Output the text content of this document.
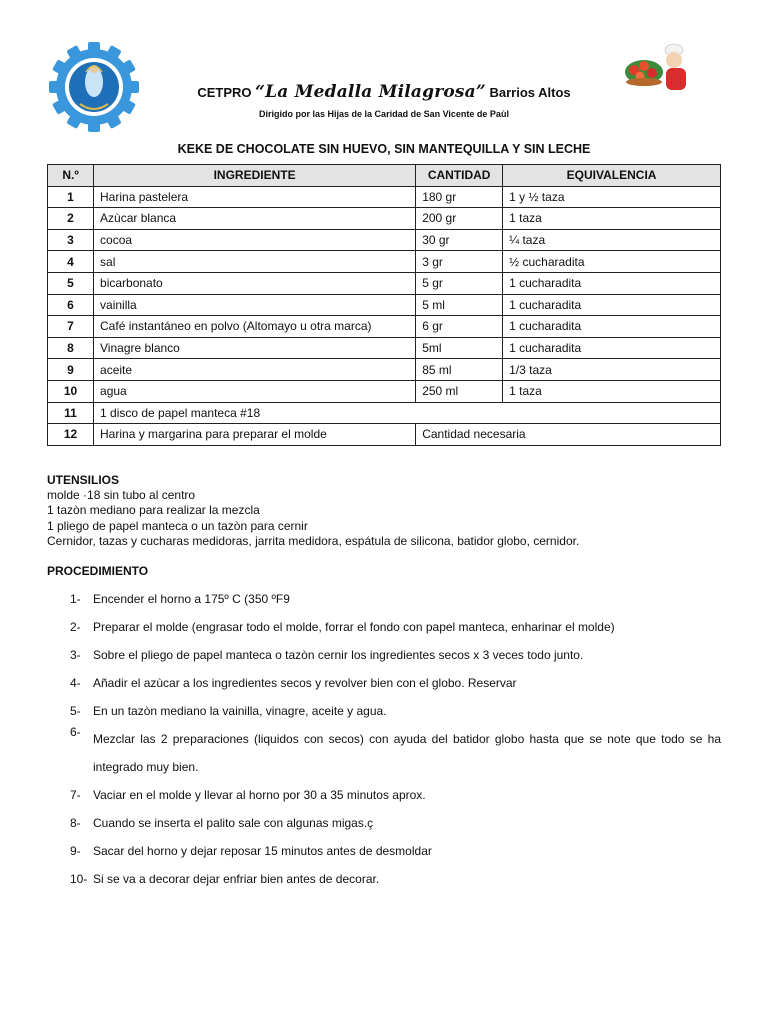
CETPRO “La Medalla Milagrosa” Barrios Altos
Dirigido por las Hijas de la Caridad de San Vicente de Paùl
KEKE DE CHOCOLATE SIN HUEVO, SIN MANTEQUILLA Y SIN LECHE
N.º	INGREDIENTE	CANTIDAD	EQUIVALENCIA
1	Harina pastelera	180 gr	1 y ½ taza
2	Azùcar blanca	200 gr	1 taza
3	cocoa	30 gr	¼ taza
4	sal	3 gr	½ cucharadita
5	bicarbonato	5 gr	1 cucharadita
6	vainilla	5 ml	1 cucharadita
7	Café instantáneo en polvo (Altomayo u otra marca)	6 gr	1 cucharadita
8	Vinagre blanco	5ml	1 cucharadita
9	aceite	85 ml	1/3 taza
10	agua	250 ml	1 taza
11	1 disco de papel manteca #18		
12	Harina y margarina para preparar el molde	Cantidad necesaria	
UTENSILIOS
molde ·18 sin tubo al centro
1 tazòn mediano para realizar la mezcla
1 pliego de papel manteca o un tazòn para cernir
Cernidor, tazas y cucharas medidoras, jarrita medidora, espátula de silicona, batidor globo, cernidor.
PROCEDIMIENTO
1- Encender el horno a 175º C (350 ºF9
2- Preparar el molde (engrasar todo el molde, forrar el fondo con papel manteca, enharinar el molde)
3- Sobre el pliego de papel manteca o tazòn cernir los ingredientes secos x 3 veces todo junto.
4- Añadir el azùcar a los ingredientes secos y revolver bien con el globo. Reservar
5- En un tazòn mediano la vainilla, vinagre, aceite y agua.
6- Mezclar las 2 preparaciones (liquidos con secos) con ayuda del batidor globo hasta que se note que todo se ha integrado muy bien.
7- Vaciar en el molde y llevar al horno por 30 a 35 minutos aprox.
8- Cuando se inserta el palito sale con algunas migas.ç
9- Sacar del horno y dejar reposar 15 minutos antes de desmoldar
10- Si se va a decorar dejar enfriar bien antes de decorar.
